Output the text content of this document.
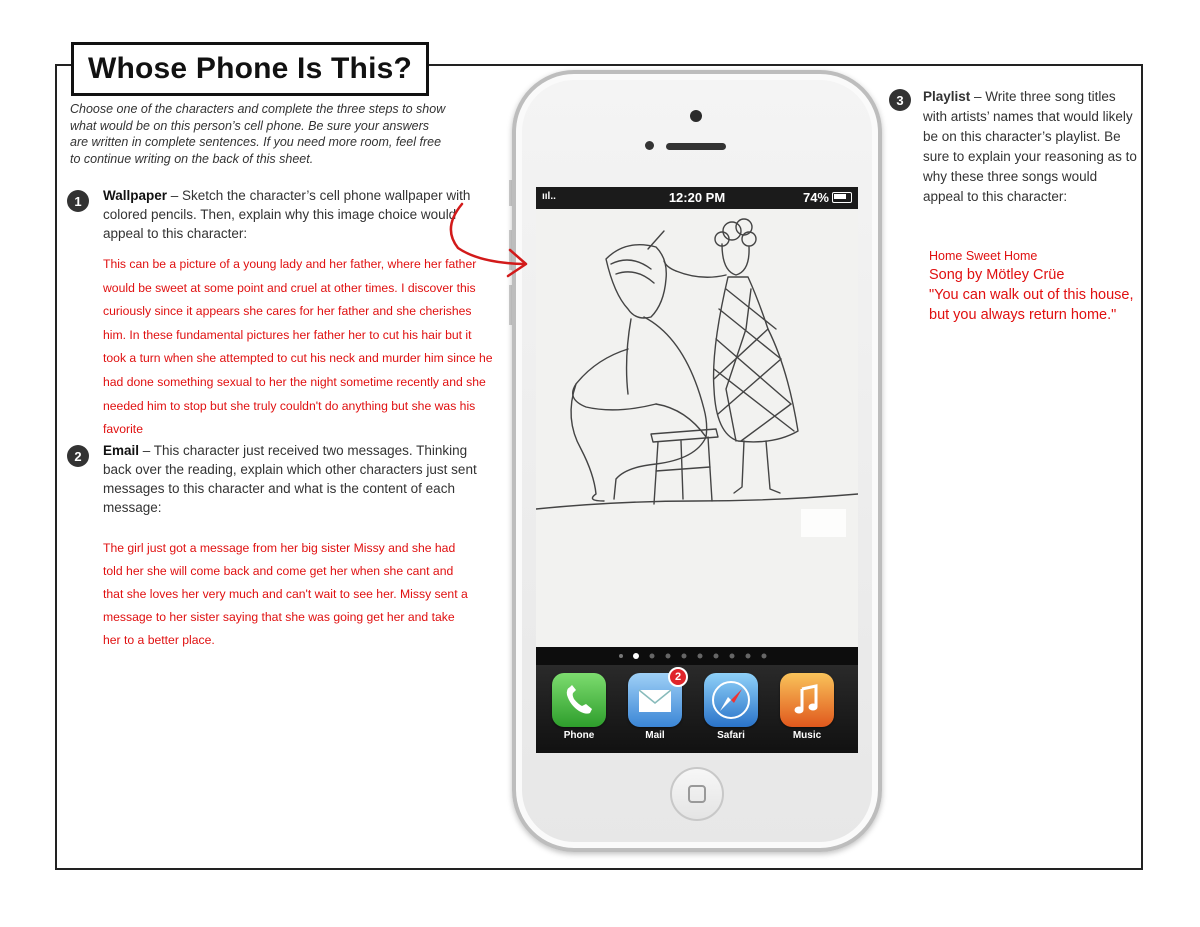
Whose Phone Is This?

Choose one of the characters and complete the three steps to show what would be on this person’s cell phone. Be sure your answers are written in complete sentences. If you need more room, feel free to continue writing on the back of this sheet.

1	Wallpaper – Sketch the character’s cell phone wallpaper with colored pencils. Then, explain why this image choice would appeal to this character:

This can be a picture of a young lady and her father, where her father would be sweet at some point and cruel at other times. I discover this curiously since it appears she cares for her father and she cherishes him. In these fundamental pictures her father her to cut his hair but it took a turn when she attempted to cut his neck and murder him since he had done something sexual to her the night sometime recently and she needed him to stop but she truly couldn't do anything but she was his favorite

2	Email – This character just received two messages. Thinking back over the reading, explain which other characters just sent messages to this character and what is the content of each message:

The girl just got a message from her big sister Missy and she had told her she will come back and come get her when she cant and that she loves her very much and can't wait to see her. Missy sent a message to her sister saying that she was going get her and take her to a better place.

3	Playlist – Write three song titles with artists’ names that would likely be on this character’s playlist. Be sure to explain your reasoning as to why these three songs would appeal to this character:

Home Sweet Home
Song by Mötley Crüe
"You can walk out of this house, but you always return home."
ııl..	12:20 PM	74%
Phone
2
Mail	Safari	Music
